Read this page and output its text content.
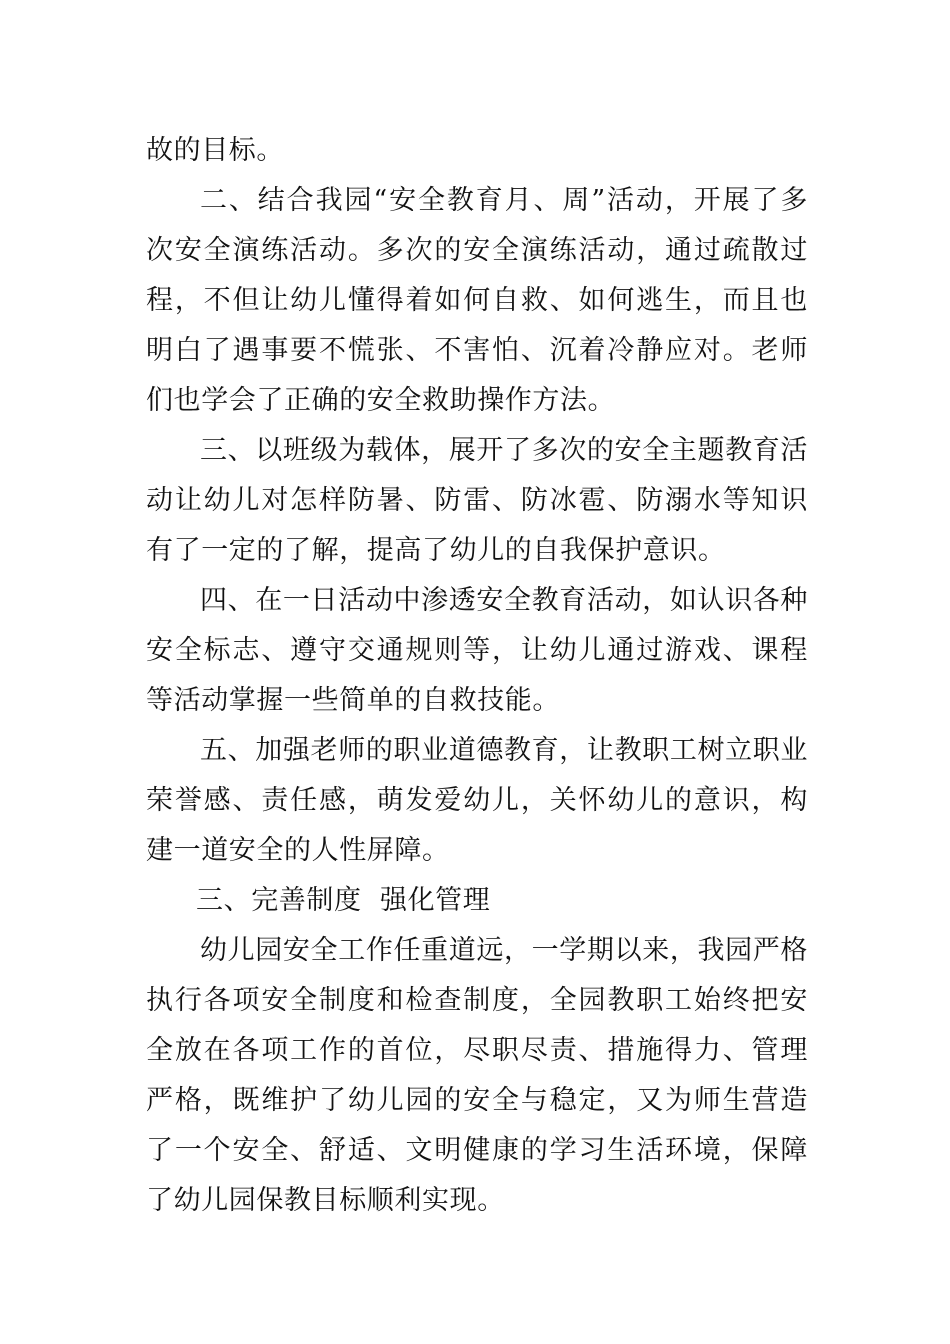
故的目标。

二、结合我园“安全教育月、周”活动，开展了多次安全演练活动。多次的安全演练活动，通过疏散过程，不但让幼儿懂得着如何自救、如何逃生，而且也明白了遇事要不慌张、不害怕、沉着冷静应对。老师们也学会了正确的安全救助操作方法。

三、以班级为载体，展开了多次的安全主题教育活动让幼儿对怎样防暑、防雷、防冰雹、防溺水等知识有了一定的了解，提高了幼儿的自我保护意识。

四、在一日活动中渗透安全教育活动，如认识各种安全标志、遵守交通规则等，让幼儿通过游戏、课程等活动掌握一些简单的自救技能。

五、加强老师的职业道德教育，让教职工树立职业荣誉感、责任感，萌发爱幼儿，关怀幼儿的意识，构建一道安全的人性屏障。

三、完善制度  强化管理

幼儿园安全工作任重道远，一学期以来，我园严格执行各项安全制度和检查制度，全园教职工始终把安全放在各项工作的首位，尽职尽责、措施得力、管理严格，既维护了幼儿园的安全与稳定，又为师生营造了一个安全、舒适、文明健康的学习生活环境，保障了幼儿园保教目标顺利实现。
